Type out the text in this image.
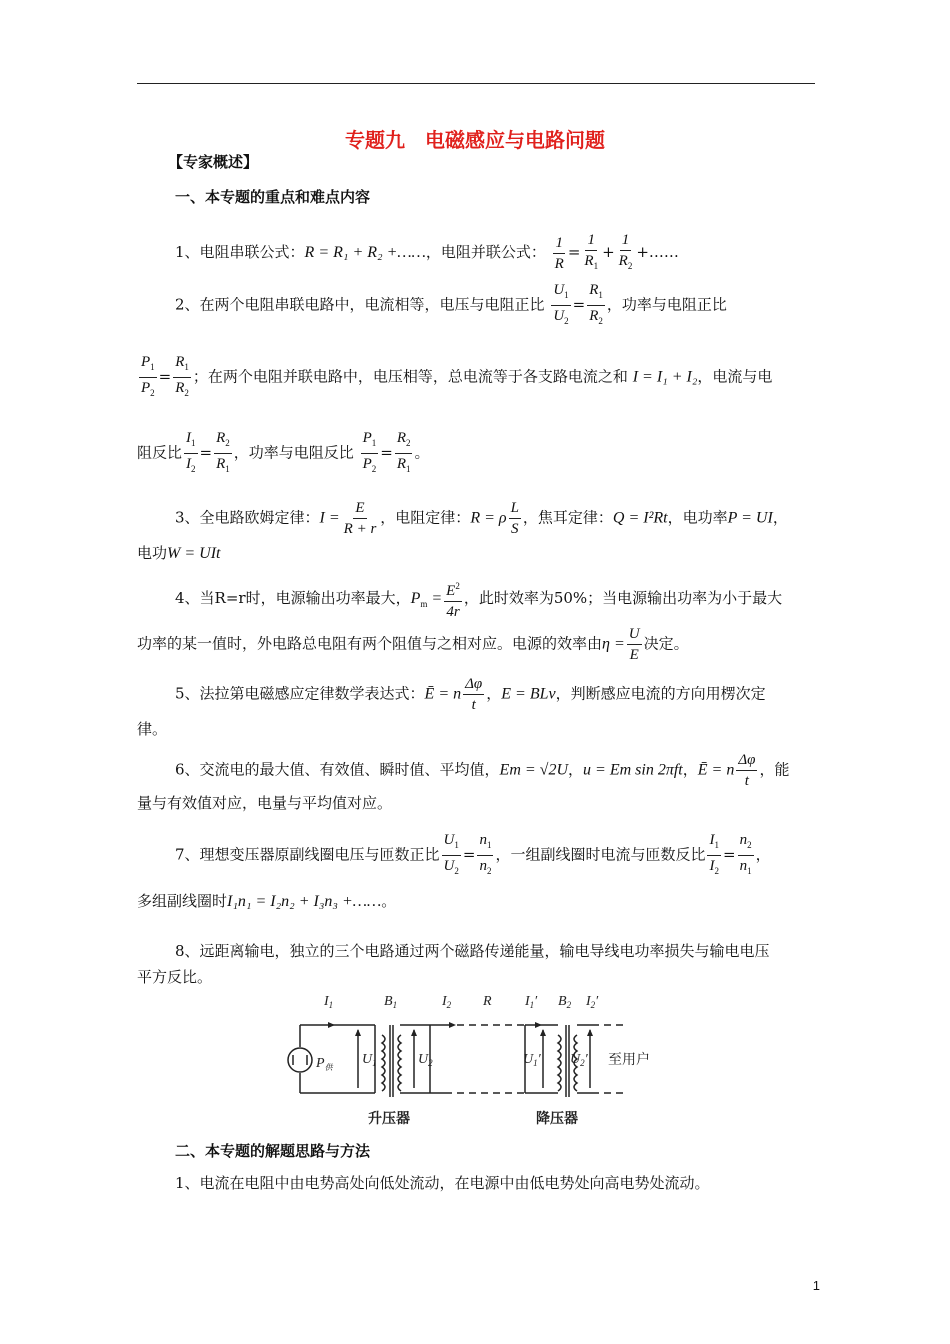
专题九　电磁感应与电路问题
【专家概述】
一、本专题的重点和难点内容
1、电阻串联公式：R = R₁ + R₂ +……，电阻并联公式： $\frac{1}{R} = \frac{1}{R_1} + \frac{1}{R_2}$ +……
2、在两个电阻串联电路中，电流相等，电压与电阻正比 $\frac{U_1}{U_2} = \frac{R_1}{R_2}$ ，功率与电阻正比
$\frac{P_1}{P_2} = \frac{R_1}{R_2}$ ；在两个电阻并联电路中，电压相等，总电流等于各支路电流之和 I = I₁ + I₂，电流与电
阻反比 $\frac{I_1}{I_2} = \frac{R_2}{R_1}$ ，功率与电阻反比 $\frac{P_1}{P_2} = \frac{R_2}{R_1}$ 。
3、全电路欧姆定律：$I = \frac{E}{R + r}$ ，电阻定律：R = ρ $\frac{L}{S}$ ，焦耳定律：Q = I²Rt，电功率P = UI，
电功W = UIt
4、当R=r时，电源输出功率最大，$P_m = \frac{E^2}{4r}$ ，此时效率为50%；当电源输出功率为小于最大
功率的某一值时，外电路总电阻有两个阻值与之相对应。电源的效率由$\eta = \frac{U}{E}$ 决定。
5、法拉第电磁感应定律数学表达式：Ē = n $\frac{\Delta\varphi}{t}$ ，E = BLv，判断感应电流的方向用楞次定
律。
6、交流电的最大值、有效值、瞬时值、平均值，Em = √2U，u = Em sin 2πft，Ē = n $\frac{\Delta\varphi}{t}$ ，能
量与有效值对应，电量与平均值对应。
7、理想变压器原副线圈电压与匝数正比 $\frac{U_1}{U_2} = \frac{n_1}{n_2}$ ，一组副线圈时电流与匝数反比 $\frac{I_1}{I_2} = \frac{n_2}{n_1}$ ，
多组副线圈时I₁n₁ = I₂n₂ + I₃n₃ +……。
8、远距离输电，独立的三个电路通过两个磁路传递能量，输电导线电功率损失与输电电压
平方反比。
$I_1$	$B_1$	$I_2$ R $I_1'$ $B_2$ $I_2'$
$U_1$	$U_2$	$U_1'$ $U_2'$
$P_供$	至用户
升压器	降压器
二、本专题的解题思路与方法
1、电流在电阻中由电势高处向低处流动，在电源中由低电势处向高电势处流动。
1
